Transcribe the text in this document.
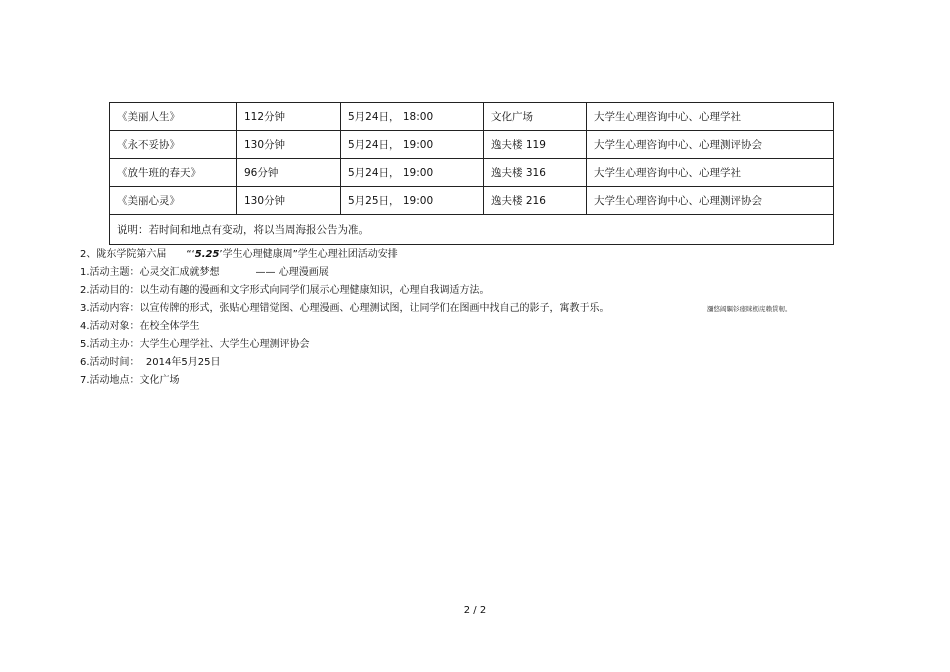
《美丽人生》	112分钟	5月24日， 18:00	文化广场	大学生心理咨询中心、心理学社
《永不妥协》	130分钟	5月24日， 19:00	逸夫楼 119	大学生心理咨询中心、心理测评协会
《放牛班的春天》	96分钟	5月24日， 19:00	逸夫楼 316	大学生心理咨询中心、心理学社
《美丽心灵》	130分钟	5月25日， 19:00	逸夫楼 216	大学生心理咨询中心、心理测评协会
说明：若时间和地点有变动，将以当周海报公告为准。				
2、陇东学院第六届 “‘5.25’学生心理健康周”学生心理社团活动安排
1.活动主题：心灵交汇成就梦想	—— 心理漫画展
2.活动目的：以生动有趣的漫画和文字形式向同学们展示心理健康知识，心理自我调适方法。
3.活动内容：以宣传牌的形式，张贴心理错觉图、心理漫画、心理测试图，让同学们在图画中找自己的影子，寓教于乐。	瀰悠阔瞩钐瘗睐枥庑赖賃軔。
4.活动对象：在校全体学生
5.活动主办：大学生心理学社、大学生心理测评协会
6.活动时间： 2014年5月25日
7.活动地点：文化广场
2 / 2
